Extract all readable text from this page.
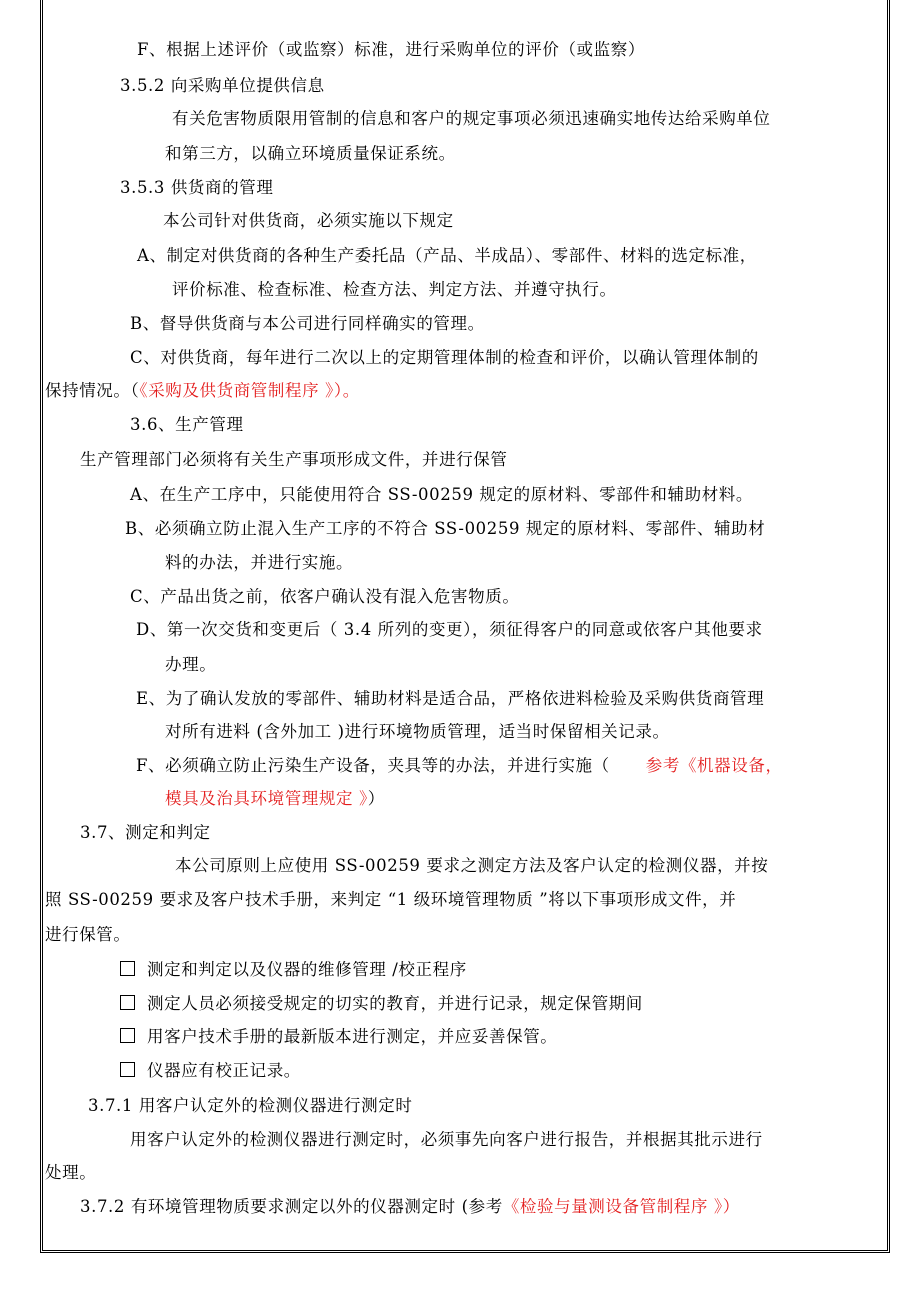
F、根据上述评价（或监察）标准，进行采购单位的评价（或监察）
3.5.2 向采购单位提供信息
有关危害物质限用管制的信息和客户的规定事项必须迅速确实地传达给采购单位
和第三方，以确立环境质量保证系统。
3.5.3 供货商的管理
本公司针对供货商，必须实施以下规定
A、制定对供货商的各种生产委托品（产品、半成品）、零部件、材料的选定标准，
评价标准、检查标准、检查方法、判定方法、并遵守执行。
B、督导供货商与本公司进行同样确实的管理。
C、对供货商，每年进行二次以上的定期管理体制的检查和评价，以确认管理体制的
保持情况。（《采购及供货商管制程序 》）。
3.6、生产管理
生产管理部门必须将有关生产事项形成文件，并进行保管
A、在生产工序中，只能使用符合 SS-00259 规定的原材料、零部件和辅助材料。
B、必须确立防止混入生产工序的不符合 SS-00259 规定的原材料、零部件、辅助材
料的办法，并进行实施。
C、产品出货之前，依客户确认没有混入危害物质。
D、第一次交货和变更后（ 3.4 所列的变更），须征得客户的同意或依客户其他要求
办理。
E、为了确认发放的零部件、辅助材料是适合品，严格依进料检验及采购供货商管理
对所有进料 (含外加工 )进行环境物质管理，适当时保留相关记录。
F、必须确立防止污染生产设备，夹具等的办法，并进行实施（ 参考《机器设备，
模具及治具环境管理规定 》）
3.7、测定和判定
本公司原则上应使用 SS-00259 要求之测定方法及客户认定的检测仪器，并按
照 SS-00259 要求及客户技术手册，来判定 “1 级环境管理物质 ”将以下事项形成文件，并
进行保管。
测定和判定以及仪器的维修管理 /校正程序
测定人员必须接受规定的切实的教育，并进行记录，规定保管期间
用客户技术手册的最新版本进行测定，并应妥善保管。
仪器应有校正记录。
3.7.1 用客户认定外的检测仪器进行测定时
用客户认定外的检测仪器进行测定时，必须事先向客户进行报告，并根据其批示进行
处理。
3.7.2 有环境管理物质要求测定以外的仪器测定时 (参考《检验与量测设备管制程序 》）
